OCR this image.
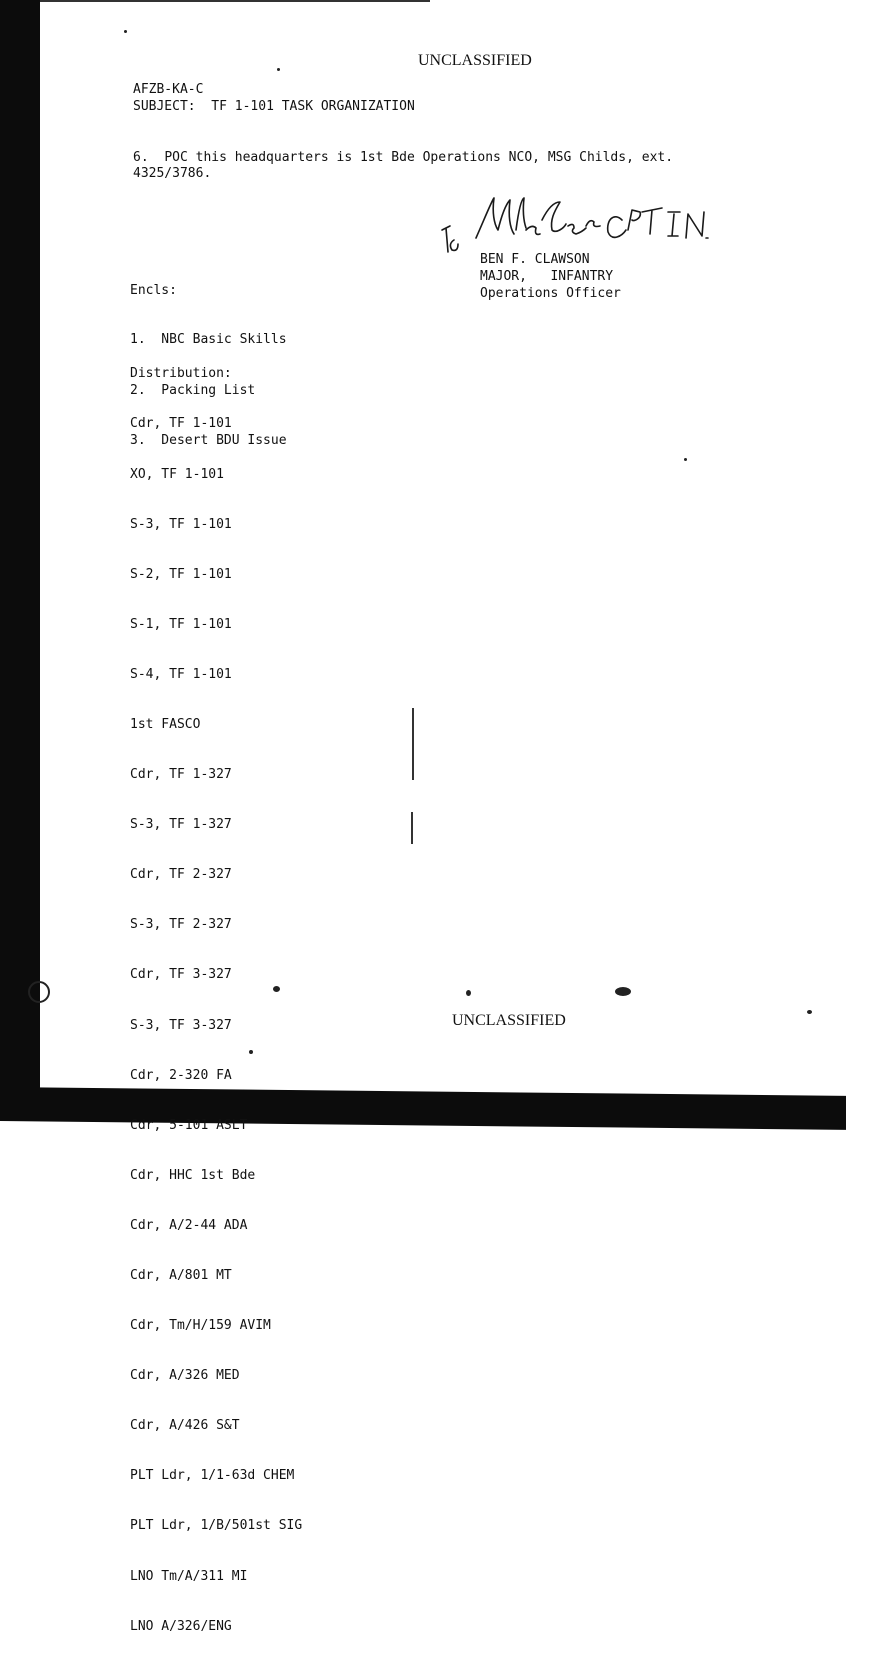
UNCLASSIFIED
AFZB-KA-C
SUBJECT: TF 1-101 TASK ORGANIZATION
6. POC this headquarters is 1st Bde Operations NCO, MSG Childs, ext.
4325/3786.
BEN F. CLAWSON
MAJOR,   INFANTRY
Operations Officer
Encls:

1.  NBC Basic Skills

2.  Packing List

3.  Desert BDU Issue

Distribution:

Cdr, TF 1-101

XO, TF 1-101

S-3, TF 1-101

S-2, TF 1-101

S-1, TF 1-101

S-4, TF 1-101

1st FASCO

Cdr, TF 1-327

S-3, TF 1-327

Cdr, TF 2-327

S-3, TF 2-327

Cdr, TF 3-327

S-3, TF 3-327

Cdr, 2-320 FA

Cdr, 5-101 ASLT

Cdr, HHC 1st Bde

Cdr, A/2-44 ADA

Cdr, A/801 MT

Cdr, Tm/H/159 AVIM

Cdr, A/326 MED

Cdr, A/426 S&T

PLT Ldr, 1/1-63d CHEM

PLT Ldr, 1/B/501st SIG

LNO Tm/A/311 MI

LNO A/326/ENG

UNCLASSIFIED
